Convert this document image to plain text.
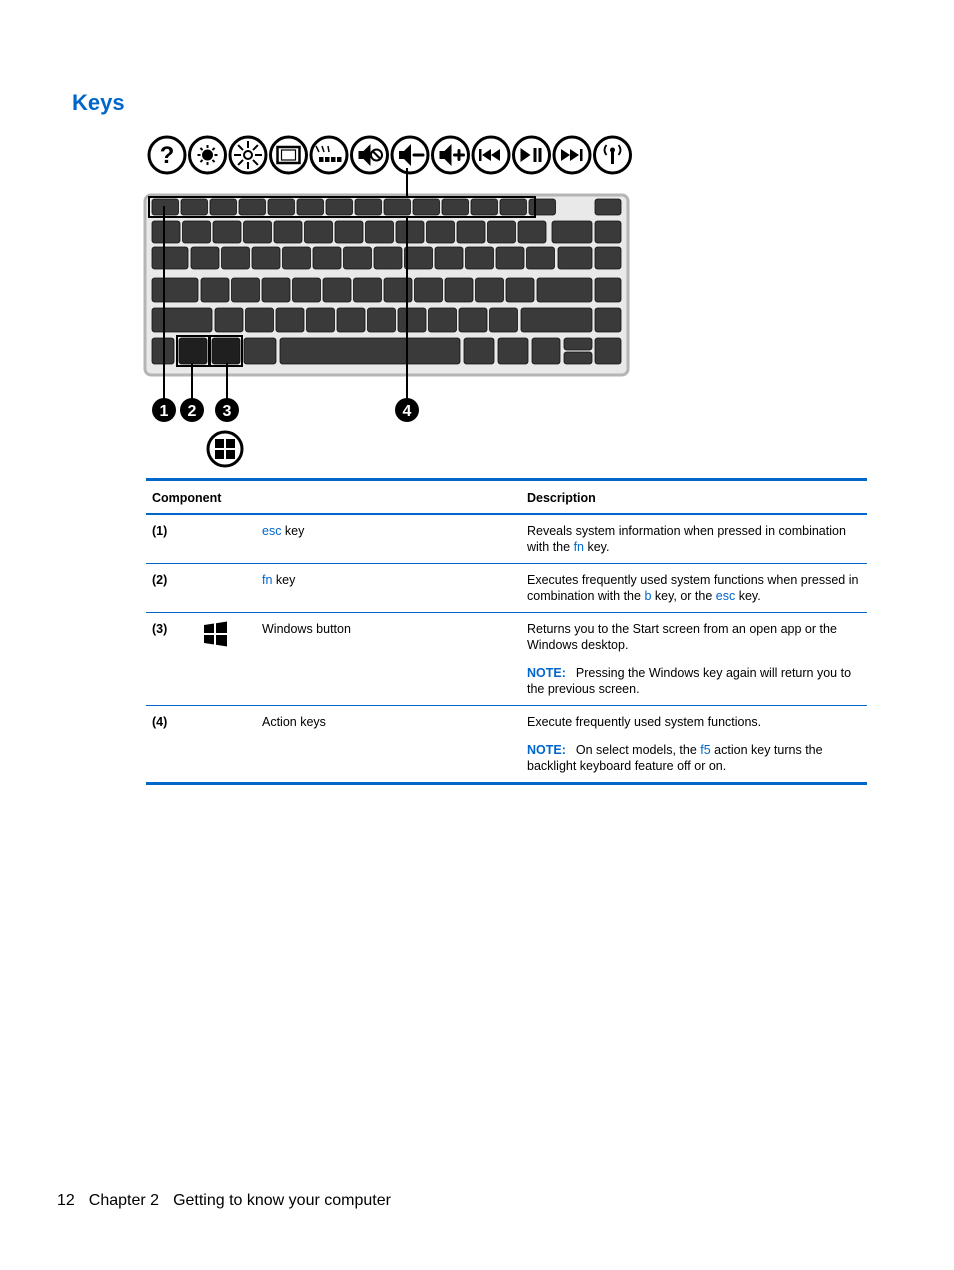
Keys
?
1 2 3	4
Component			Description
(1)		esc key	Reveals system information when pressed in combination with the fn key.

(2)		fn key	Executes frequently used system functions when pressed in combination with the b key, or the esc key.

(3)		Windows button	Returns you to the Start screen from an open app or the Windows desktop.

NOTE: Pressing the Windows key again will return you to the previous screen.

(4)		Action keys	Execute frequently used system functions.

NOTE: On select models, the f5 action key turns the backlight keyboard feature off or on.

12 Chapter 2 Getting to know your computer
